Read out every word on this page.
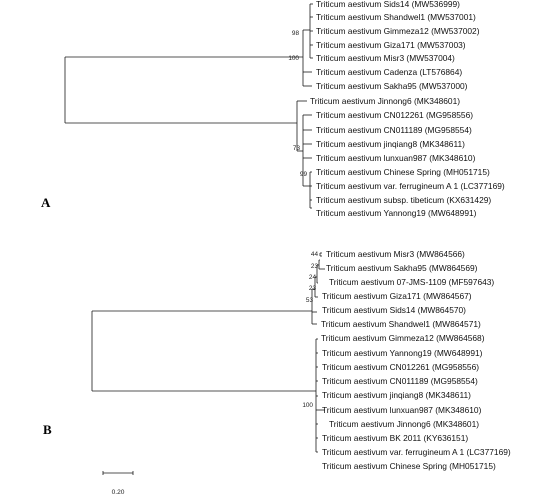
Triticum aestivum Sids14 (MW536999)
Triticum aestivum Shandwel1 (MW537001)
Triticum aestivum Gimmeza12 (MW537002)
Triticum aestivum Giza171 (MW537003)
Triticum aestivum Misr3 (MW537004)
Triticum aestivum Cadenza (LT576864)
Triticum aestivum Sakha95 (MW537000)
Triticum aestivum Jinnong6 (MK348601)
Triticum aestivum CN012261 (MG958556)
Triticum aestivum CN011189 (MG958554)
Triticum aestivum jinqiang8 (MK348611)
Triticum aestivum lunxuan987 (MK348610)
Triticum aestivum Chinese Spring (MH051715)
Triticum aestivum var. ferrugineum A 1 (LC377169)
Triticum aestivum subsp. tibeticum (KX631429)
Triticum aestivum Yannong19 (MW648991)
98
100
73
99
A
Triticum aestivum Misr3 (MW864566)
Triticum aestivum Sakha95 (MW864569)
Triticum aestivum 07-JMS-1109 (MF597643)
Triticum aestivum Giza171 (MW864567)
Triticum aestivum Sids14 (MW864570)
Triticum aestivum Shandwel1 (MW864571)
Triticum aestivum Gimmeza12 (MW864568)
Triticum aestivum Yannong19 (MW648991)
Triticum aestivum CN012261 (MG958556)
Triticum aestivum CN011189 (MG958554)
Triticum aestivum jinqiang8 (MK348611)
Triticum aestivum lunxuan987 (MK348610)
Triticum aestivum Jinnong6 (MK348601)
Triticum aestivum BK 2011 (KY636151)
Triticum aestivum var. ferrugineum A 1 (LC377169)
Triticum aestivum Chinese Spring (MH051715)
44
23
24
23
53
100
B
0.20
